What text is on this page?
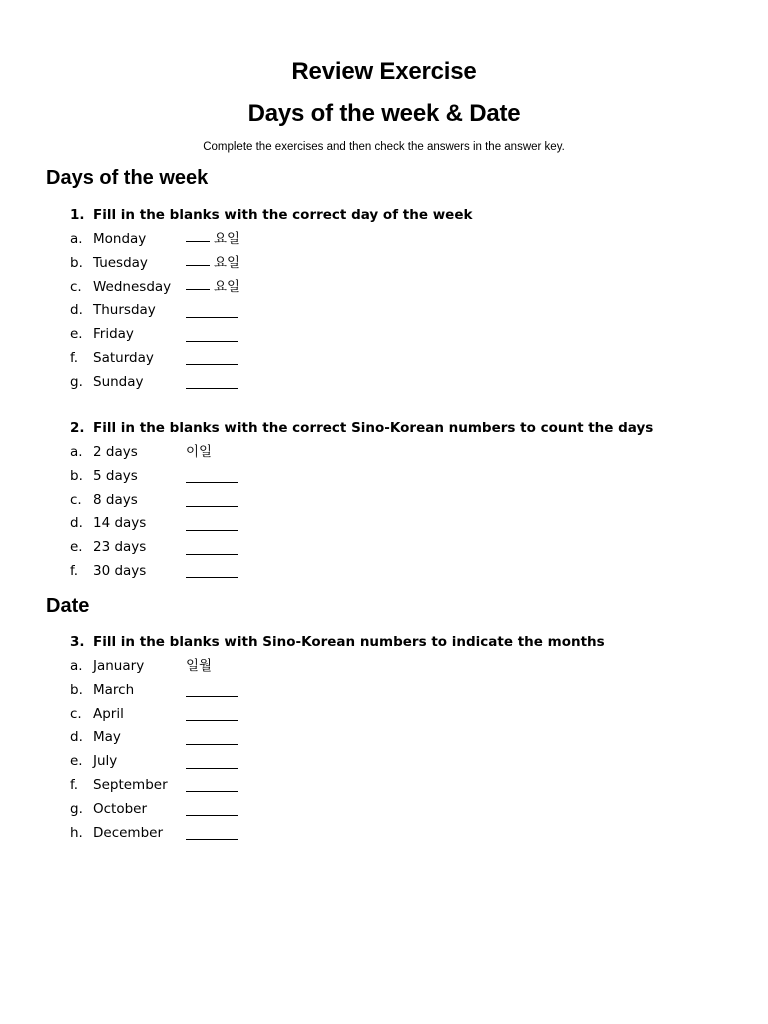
Review Exercise
Days of the week & Date

Complete the exercises and then check the answers in the answer key.

Days of the week
1. Fill in the blanks with the correct day of the week
a. Monday	요일
b. Tuesday	요일
c. Wednesday	요일
d. Thursday
e. Friday
f.	Saturday
g. Sunday
2. Fill in the blanks with the correct Sino-Korean numbers to count the days
a. 2 days	이일
b. 5 days
c. 8 days
d. 14 days
e. 23 days
f.	30 days
Date
3. Fill in the blanks with Sino-Korean numbers to indicate the months
a. January	일월
b. March
c. April
d. May
e. July
f.	September
g. October
h. December
